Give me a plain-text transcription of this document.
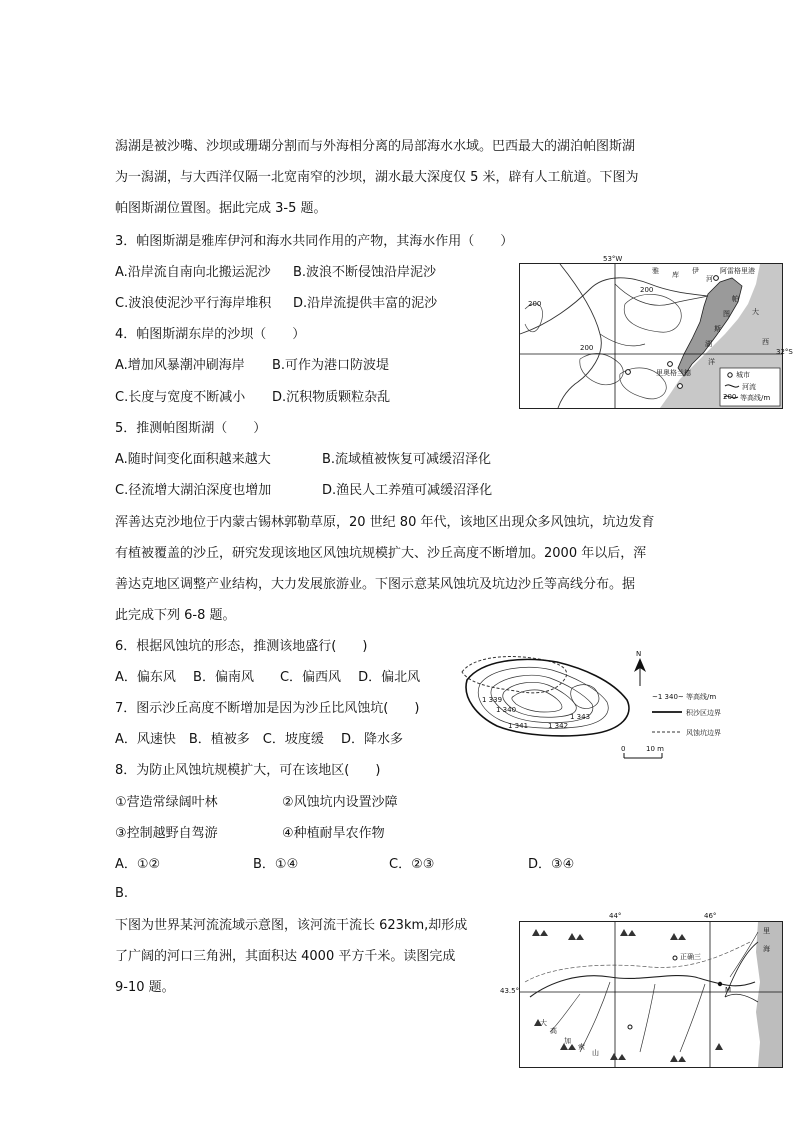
潟湖是被沙嘴、沙坝或珊瑚分割而与外海相分离的局部海水水域。巴西最大的湖泊帕图斯湖
为一潟湖，与大西洋仅隔一北宽南窄的沙坝，湖水最大深度仅 5 米，辟有人工航道。下图为
帕图斯湖位置图。据此完成 3-5 题。
3．帕图斯湖是雅库伊河和海水共同作用的产物，其海水作用（　　）
A.沿岸流自南向北搬运泥沙 B.波浪不断侵蚀沿岸泥沙
C.波浪使泥沙平行海岸堆积 D.沿岸流提供丰富的泥沙
4．帕图斯湖东岸的沙坝（　　）
A.增加风暴潮冲刷海岸 B.可作为港口防波堤
C.长度与宽度不断减小 D.沉积物质颗粒杂乱
5．推测帕图斯湖（　　）
A.随时间变化面积越来越大	B.流域植被恢复可减缓沼泽化
C.径流增大湖泊深度也增加	D.渔民人工养殖可减缓沼泽化
53°W
雅 库 伊
河
阿雷格里港
帕
图
斯
湖
大
西
洋
里奥格兰德
200
200
200
城市
河流
200 等高线/m
32°S
浑善达克沙地位于内蒙古锡林郭勒草原，20 世纪 80 年代，该地区出现众多风蚀坑，坑边发育
有植被覆盖的沙丘，研究发现该地区风蚀坑规模扩大、沙丘高度不断增加。2000 年以后，浑
善达克地区调整产业结构，大力发展旅游业。下图示意某风蚀坑及坑边沙丘等高线分布。据
此完成下列 6-8 题。
6．根据风蚀坑的形态，推测该地盛行(　　)
A．偏东风　 B．偏南风　　C．偏西风　 D．偏北风
7．图示沙丘高度不断增加是因为沙丘比风蚀坑(　　)
A．风速快　B．植被多　C．坡度缓　 D．降水多
8．为防止风蚀坑规模扩大，可在该地区(　　)
①营造常绿阔叶林	②风蚀坑内设置沙障
③控制越野自驾游	④种植耐旱农作物
A．①②	B．①④	C．②③	D．③④
B.
N
1 339
1 340
1 341	1 342
1 343
~1 340~ 等高线/m
积沙区边界
风蚀坑边界
0	10 m
下图为世界某河流流域示意图，该河流干流长 623km,却形成
了广阔的河口三角洲，其面积达 4000 平方千米。读图完成
9-10 题。
里
海
正确三
M
大
高
加
索
山
44°	46°
43.5°
